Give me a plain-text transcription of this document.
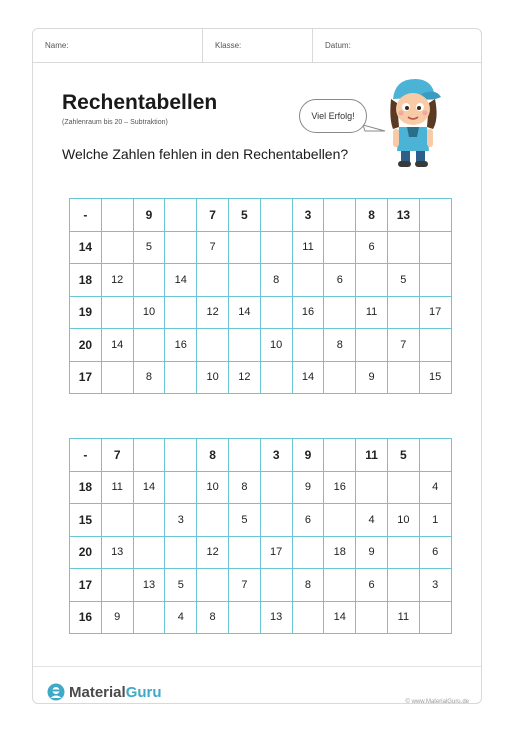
Name:	Klasse:	Datum:
Rechentabellen
(Zahlenraum bis 20 – Subtraktion)
Viel Erfolg!
Welche Zahlen fehlen in den Rechentabellen?
-		9		7	5		3		8	13	
14		5		7			11		6		
18	12		14			8		6		5	
19		10		12	14		16		11		17
20	14		16			10		8		7	
17		8		10	12		14		9		15
-	7			8		3	9		11	5	
18	11	14		10	8		9	16			4
15			3		5		6		4	10	1
20	13			12		17		18	9		6
17		13	5		7		8		6		3
16	9		4	8		13		14		11	
MaterialGuru
© www.MaterialGuru.de
